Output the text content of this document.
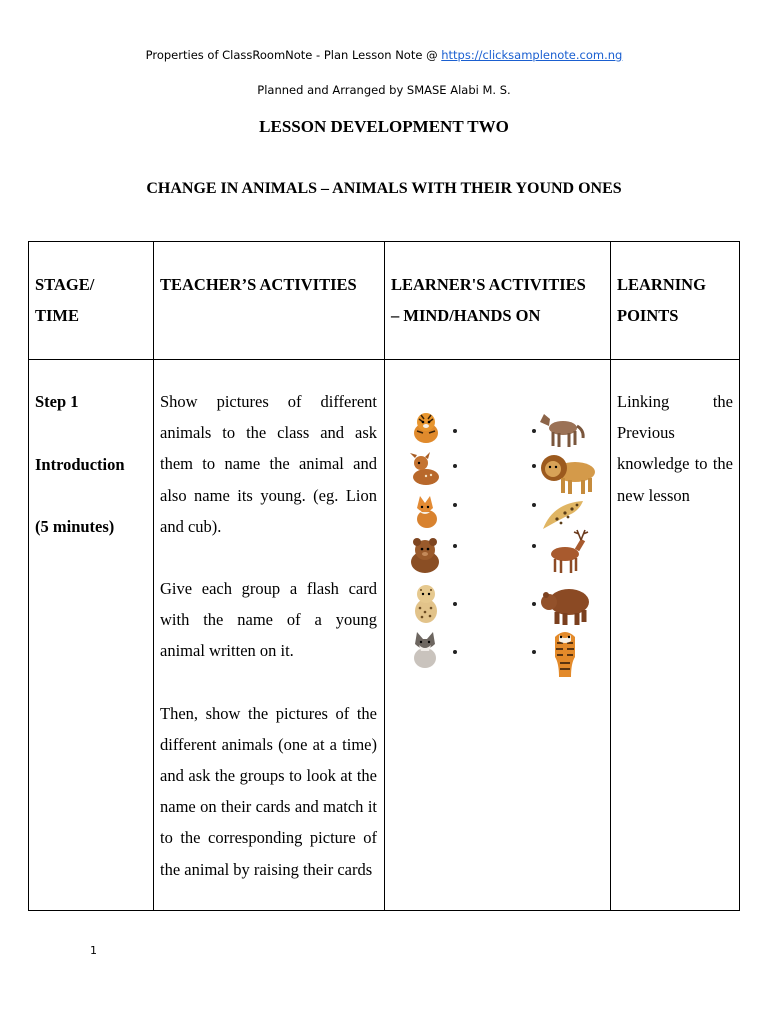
Properties of ClassRoomNote - Plan Lesson Note @ https://clicksamplenote.com.ng
Planned and Arranged by SMASE Alabi M. S.
LESSON DEVELOPMENT TWO
CHANGE IN ANIMALS – ANIMALS WITH THEIR YOUND ONES
STAGE/
TIME
TEACHER’S ACTIVITIES	LEARNER'S ACTIVITIES
– MIND/HANDS ON
LEARNING
POINTS
Step 1
Introduction
(5 minutes)

Show pictures of different animals to the class and ask them to name the animal and also name its young. (eg. Lion and cub).

Give each group a flash card with the name of a young animal written on it.

Then, show the pictures of the different animals (one at a time) and ask the groups to look at the name on their cards and match it to the corresponding picture of the animal by raising their cards

Linking the Previous knowledge to the new lesson
1
